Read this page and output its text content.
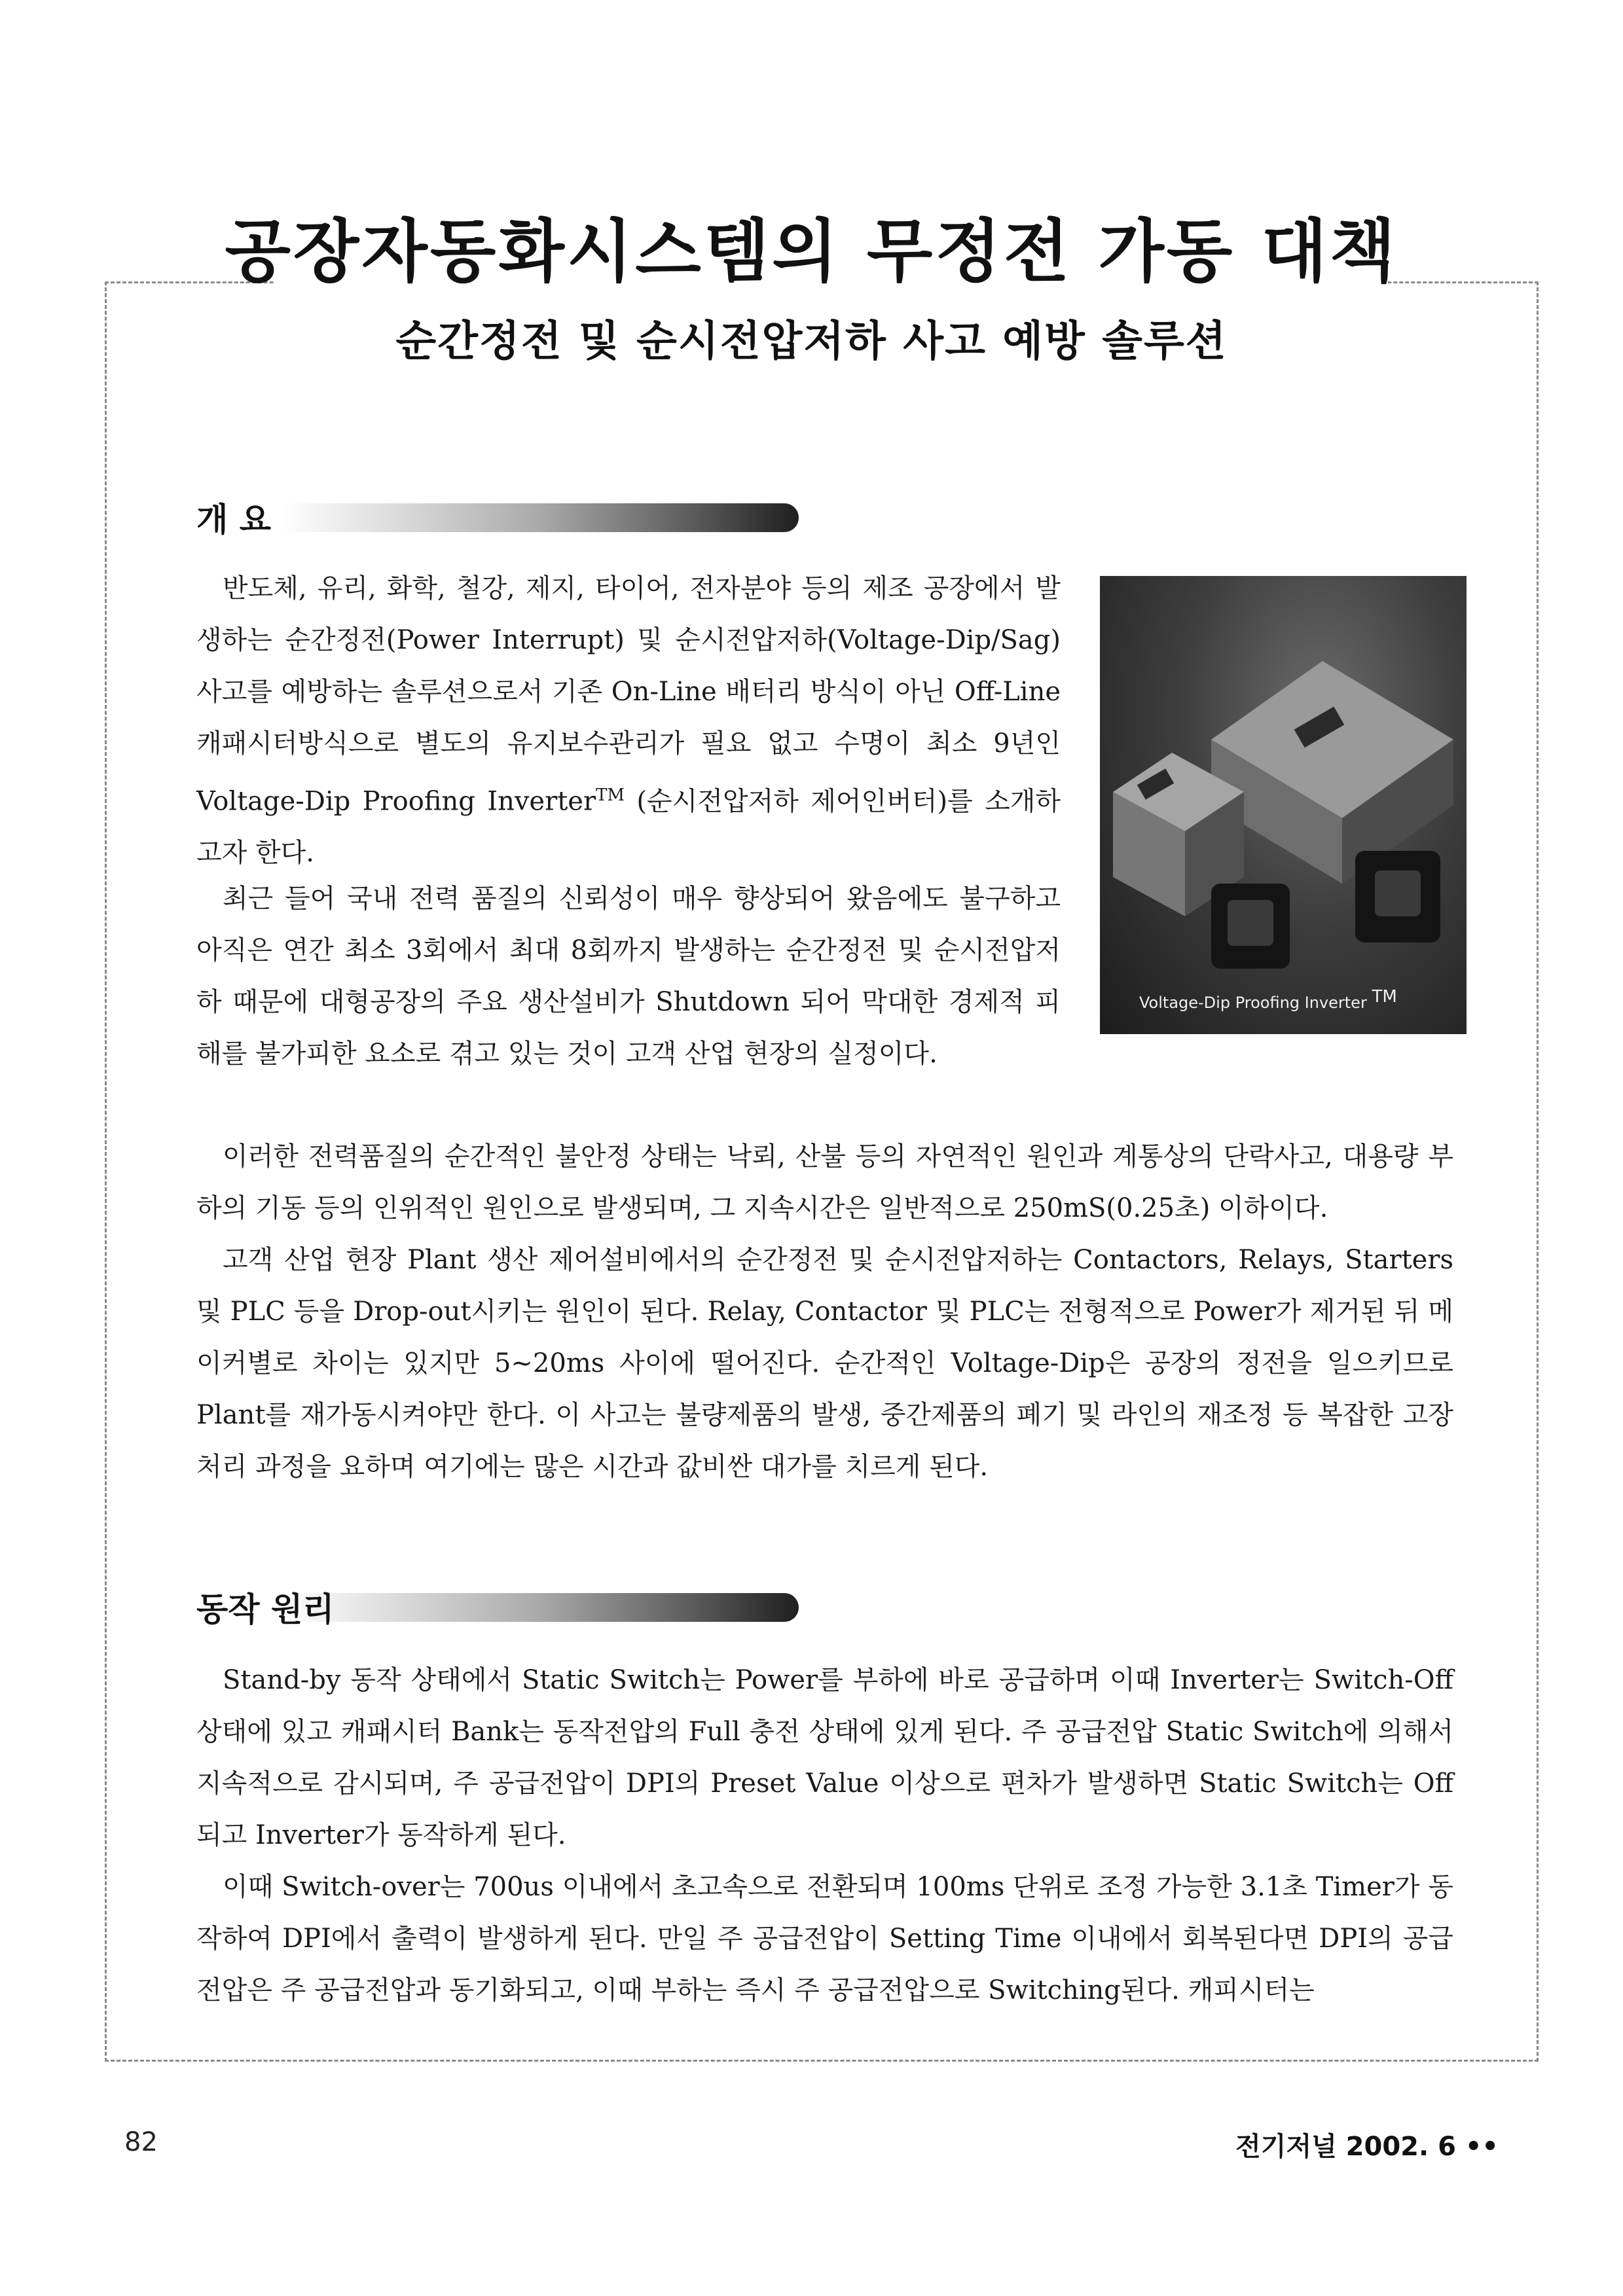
공장자동화시스템의 무정전 가동 대책
순간정전 및 순시전압저하 사고 예방 솔루션
개 요

반도체, 유리, 화학, 철강, 제지, 타이어, 전자분야 등의 제조 공장에서 발생하는 순간정전(Power Interrupt) 및 순시전압저하(Voltage-Dip/Sag) 사고를 예방하는 솔루션으로서 기존 On-Line 배터리 방식이 아닌 Off-Line 캐패시터방식으로 별도의 유지보수관리가 필요 없고 수명이 최소 9년인 Voltage-Dip Proofing Inverter™ (순시전압저하 제어인버터)를 소개하고자 한다.

최근 들어 국내 전력 품질의 신뢰성이 매우 향상되어 왔음에도 불구하고 아직은 연간 최소 3회에서 최대 8회까지 발생하는 순간정전 및 순시전압저하 때문에 대형공장의 주요 생산설비가 Shutdown 되어 막대한 경제적 피해를 불가피한 요소로 겪고 있는 것이 고객 산업 현장의 실정이다.

Voltage-Dip Proofing Inverter ™

이러한 전력품질의 순간적인 불안정 상태는 낙뢰, 산불 등의 자연적인 원인과 계통상의 단락사고, 대용량 부하의 기동 등의 인위적인 원인으로 발생되며, 그 지속시간은 일반적으로 250mS(0.25초) 이하이다.

고객 산업 현장 Plant 생산 제어설비에서의 순간정전 및 순시전압저하는 Contactors, Relays, Starters 및 PLC 등을 Drop-out시키는 원인이 된다. Relay, Contactor 및 PLC는 전형적으로 Power가 제거된 뒤 메이커별로 차이는 있지만 5~20ms 사이에 떨어진다. 순간적인 Voltage-Dip은 공장의 정전을 일으키므로 Plant를 재가동시켜야만 한다. 이 사고는 불량제품의 발생, 중간제품의 폐기 및 라인의 재조정 등 복잡한 고장처리 과정을 요하며 여기에는 많은 시간과 값비싼 대가를 치르게 된다.

동작 원리

Stand-by 동작 상태에서 Static Switch는 Power를 부하에 바로 공급하며 이때 Inverter는 Switch-Off 상태에 있고 캐패시터 Bank는 동작전압의 Full 충전 상태에 있게 된다. 주 공급전압 Static Switch에 의해서 지속적으로 감시되며, 주 공급전압이 DPI의 Preset Value 이상으로 편차가 발생하면 Static Switch는 Off되고 Inverter가 동작하게 된다.

이때 Switch-over는 700us 이내에서 초고속으로 전환되며 100ms 단위로 조정 가능한 3.1초 Timer가 동작하여 DPI에서 출력이 발생하게 된다. 만일 주 공급전압이 Setting Time 이내에서 회복된다면 DPI의 공급전압은 주 공급전압과 동기화되고, 이때 부하는 즉시 주 공급전압으로 Switching된다. 캐피시터는

82	전기저널 2002. 6 ••
